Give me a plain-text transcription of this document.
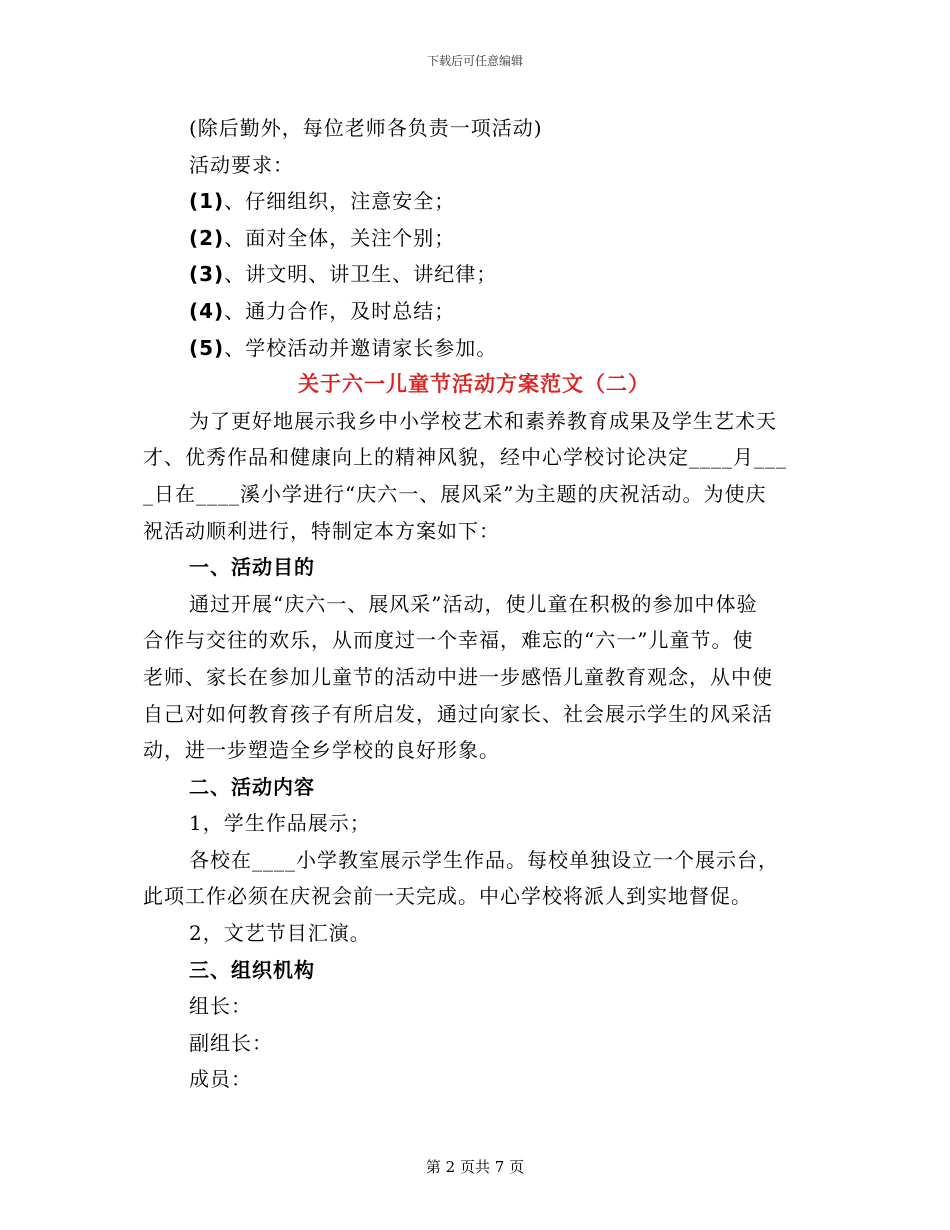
下载后可任意编辑
(除后勤外，每位老师各负责一项活动)
活动要求：
(1)、仔细组织，注意安全；
(2)、面对全体，关注个别；
(3)、讲文明、讲卫生、讲纪律；
(4)、通力合作，及时总结；
(5)、学校活动并邀请家长参加。
关于六一儿童节活动方案范文（二）
为了更好地展示我乡中小学校艺术和素养教育成果及学生艺术天
才、优秀作品和健康向上的精神风貌，经中心学校讨论决定____月___
_日在____溪小学进行“庆六一、展风采”为主题的庆祝活动。为使庆
祝活动顺利进行，特制定本方案如下：
一、活动目的
通过开展“庆六一、展风采”活动，使儿童在积极的参加中体验
合作与交往的欢乐，从而度过一个幸福，难忘的“六一”儿童节。使
老师、家长在参加儿童节的活动中进一步感悟儿童教育观念，从中使
自己对如何教育孩子有所启发，通过向家长、社会展示学生的风采活
动，进一步塑造全乡学校的良好形象。
二、活动内容
1，学生作品展示；
各校在____小学教室展示学生作品。每校单独设立一个展示台，
此项工作必须在庆祝会前一天完成。中心学校将派人到实地督促。
2，文艺节目汇演。
三、组织机构
组长：
副组长：
成员：
第 2 页共 7 页
